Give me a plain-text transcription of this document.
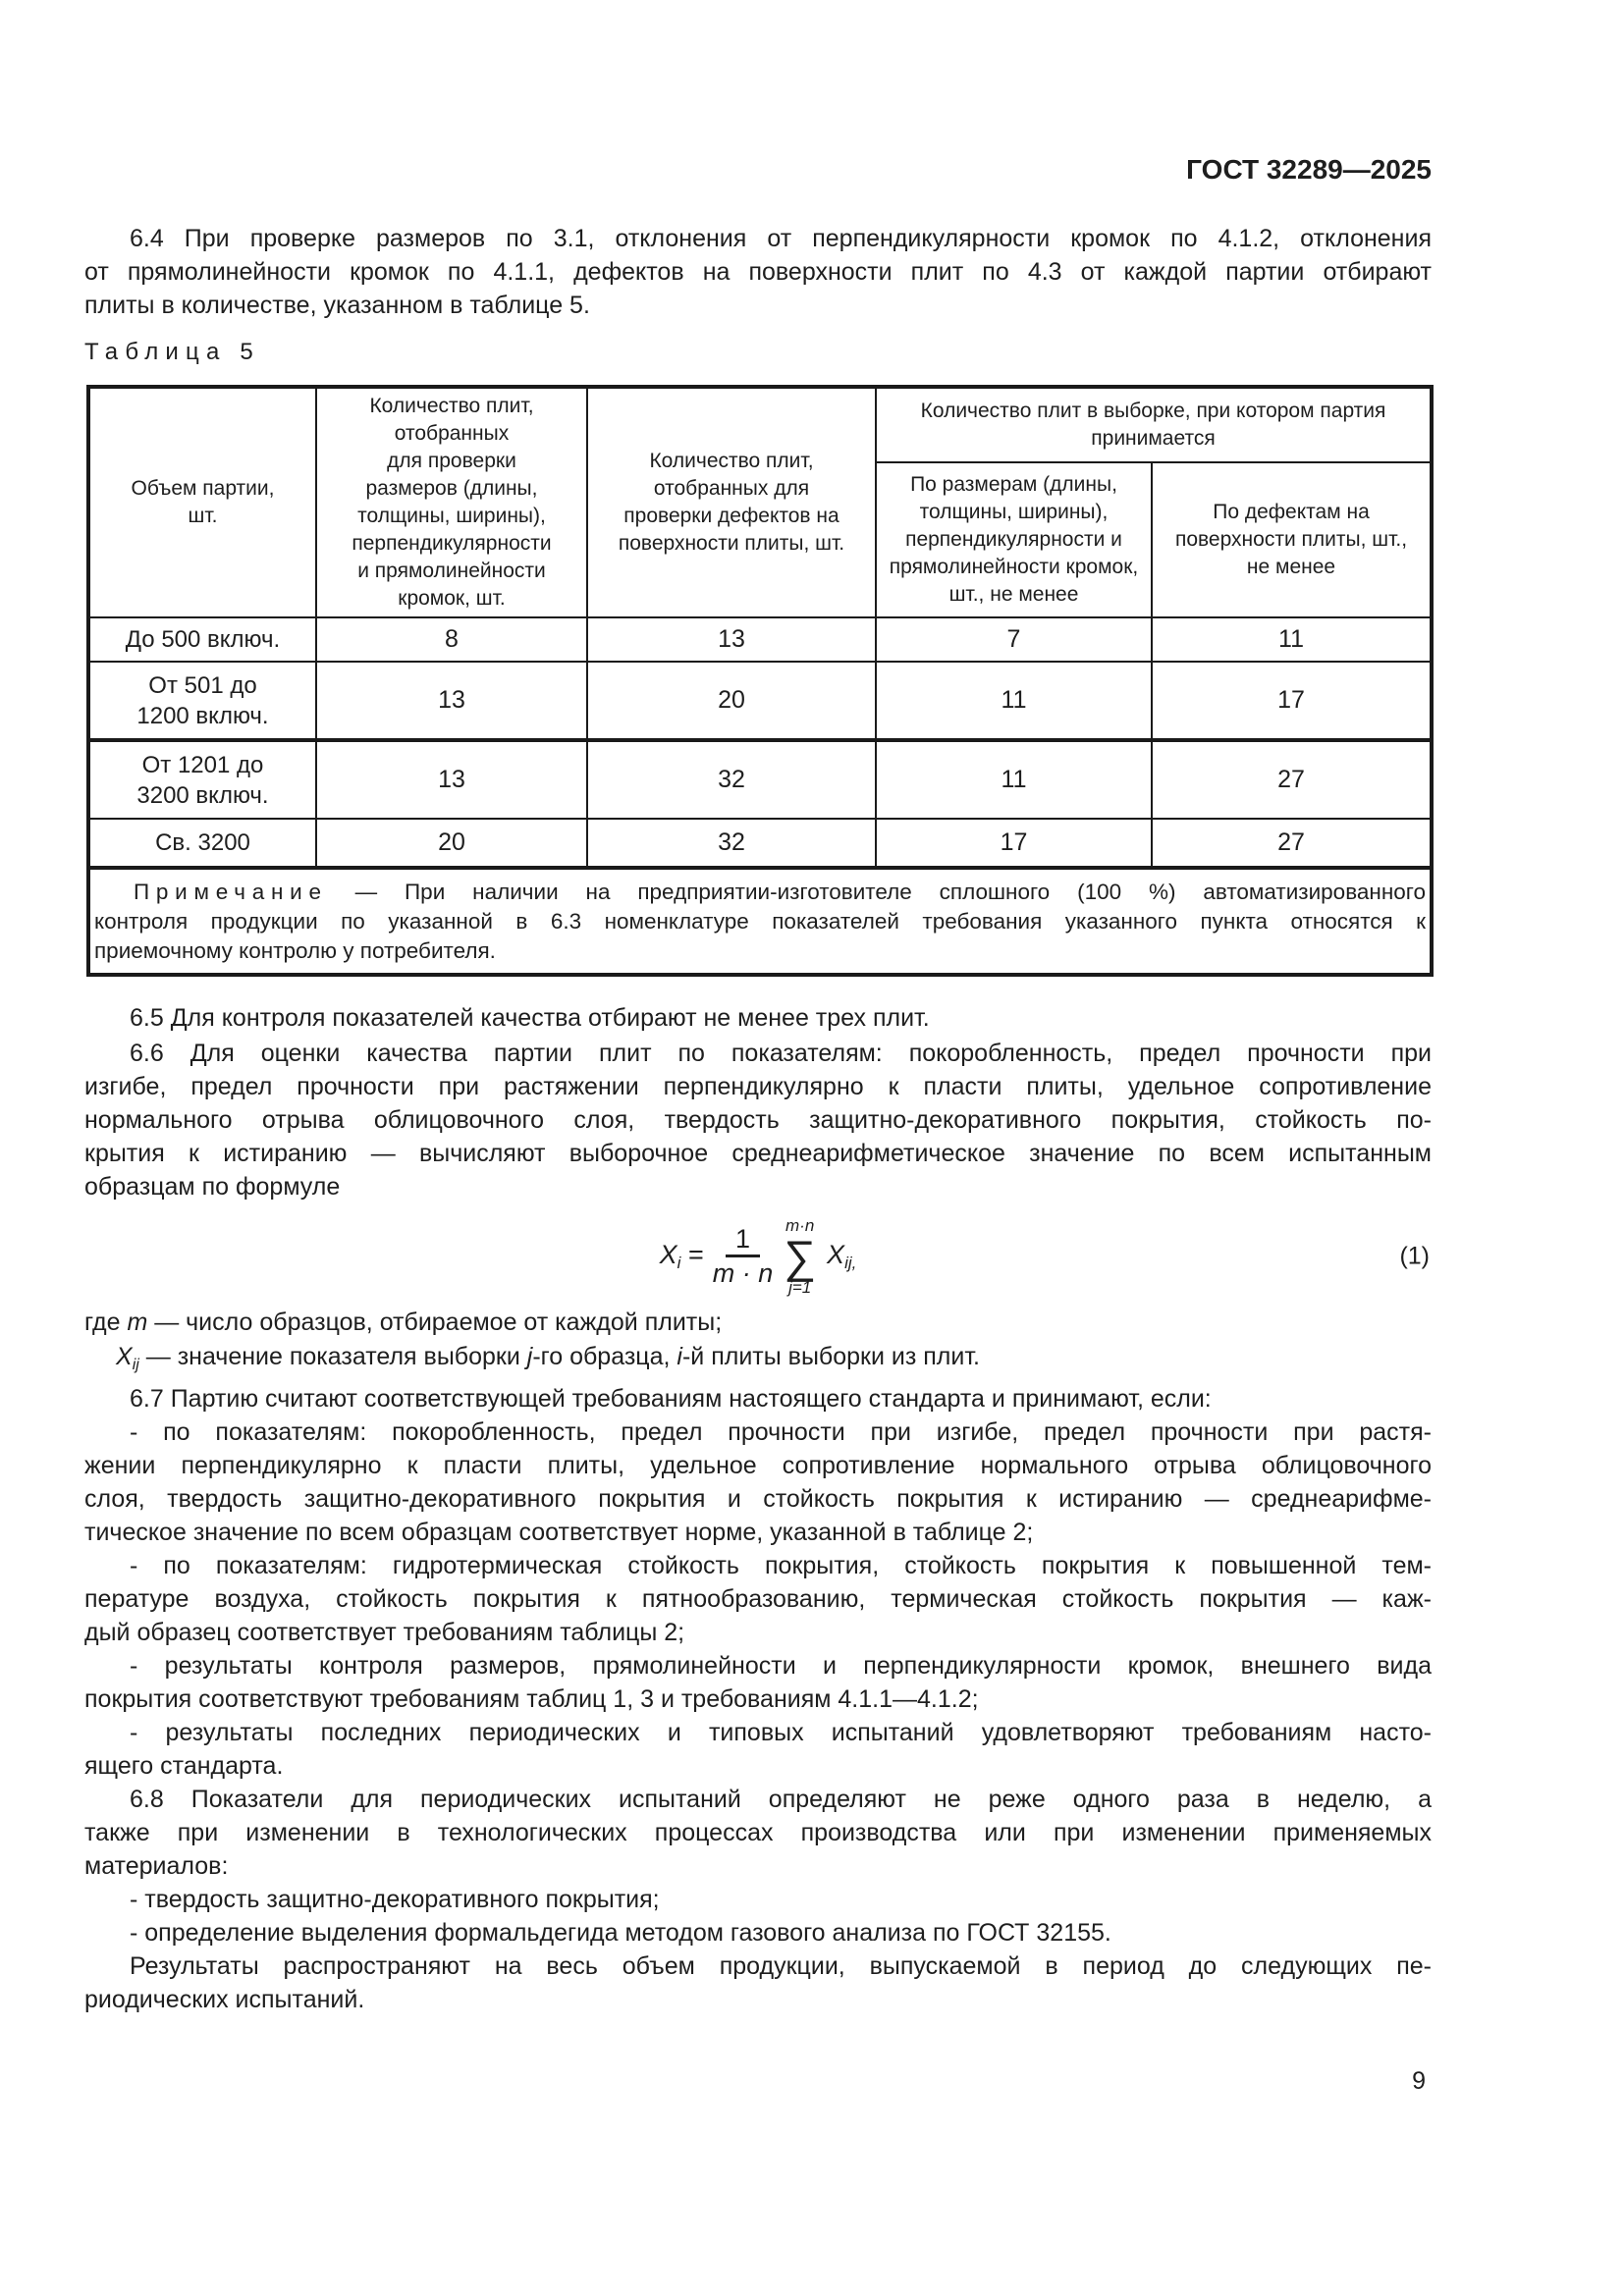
ГОСТ 32289—2025
6.4 При проверке размеров по 3.1, отклонения от перпендикулярности кромок по 4.1.2, отклонения
от прямолинейности кромок по 4.1.1, дефектов на поверхности плит по 4.3 от каждой партии отбирают
плиты в количестве, указанном в таблице 5.
Таблица 5
Объем партии,
шт.

Количество плит,
отобранных
для проверки
размеров (длины,
толщины, ширины),
перпендикулярности
и прямолинейности
кромок, шт.

Количество плит,
отобранных для
проверки дефектов на
поверхности плиты, шт.

Количество плит в выборке, при котором партия
принимается

По размерам (длины,
толщины, ширины),
перпендикулярности и
прямолинейности кромок,
шт., не менее

По дефектам на
поверхности плиты, шт.,
не менее

До 500 включ.	8	13	7	11

От 501 до
1200 включ.	13	20	11	17

От 1201 до
3200 включ.	13	32	11	27

Св. 3200	20	32	17	27

Примечание — При наличии на предприятии-изготовителе сплошного (100 %) автоматизированного
контроля продукции по указанной в 6.3 номенклатуре показателей требования указанного пункта относятся к
приемочному контролю у потребителя.				
6.5 Для контроля показателей качества отбирают не менее трех плит.
6.6 Для оценки качества партии плит по показателям: покоробленность, предел прочности при
изгибе, предел прочности при растяжении перпендикулярно к пласти плиты, удельное сопротивление
нормального отрыва облицовочного слоя, твердость защитно-декоративного покрытия, стойкость по-
крытия к истиранию — вычисляют выборочное среднеарифметическое значение по всем испытанным
образцам по формуле
$X_i = \frac{1}{m \cdot n} m\cdot n$
∑
j=1
$X_{ij,}$	(1)
где m — число образцов, отбираемое от каждой плиты;
$X_{ij}$ — значение показателя выборки j-го образца, i-й плиты выборки из плит.
6.7 Партию считают соответствующей требованиям настоящего стандарта и принимают, если:
- по показателям: покоробленность, предел прочности при изгибе, предел прочности при растя-
жении перпендикулярно к пласти плиты, удельное сопротивление нормального отрыва облицовочного
слоя, твердость защитно-декоративного покрытия и стойкость покрытия к истиранию — среднеарифме-
тическое значение по всем образцам соответствует норме, указанной в таблице 2;
- по показателям: гидротермическая стойкость покрытия, стойкость покрытия к повышенной тем-
пературе воздуха, стойкость покрытия к пятнообразованию, термическая стойкость покрытия — каж-
дый образец соответствует требованиям таблицы 2;
- результаты контроля размеров, прямолинейности и перпендикулярности кромок, внешнего вида
покрытия соответствуют требованиям таблиц 1, 3 и требованиям 4.1.1—4.1.2;
- результаты последних периодических и типовых испытаний удовлетворяют требованиям насто-
ящего стандарта.
6.8 Показатели для периодических испытаний определяют не реже одного раза в неделю, а
также при изменении в технологических процессах производства или при изменении применяемых
материалов:
- твердость защитно-декоративного покрытия;
- определение выделения формальдегида методом газового анализа по ГОСТ 32155.
Результаты распространяют на весь объем продукции, выпускаемой в период до следующих пе-
риодических испытаний.
9
